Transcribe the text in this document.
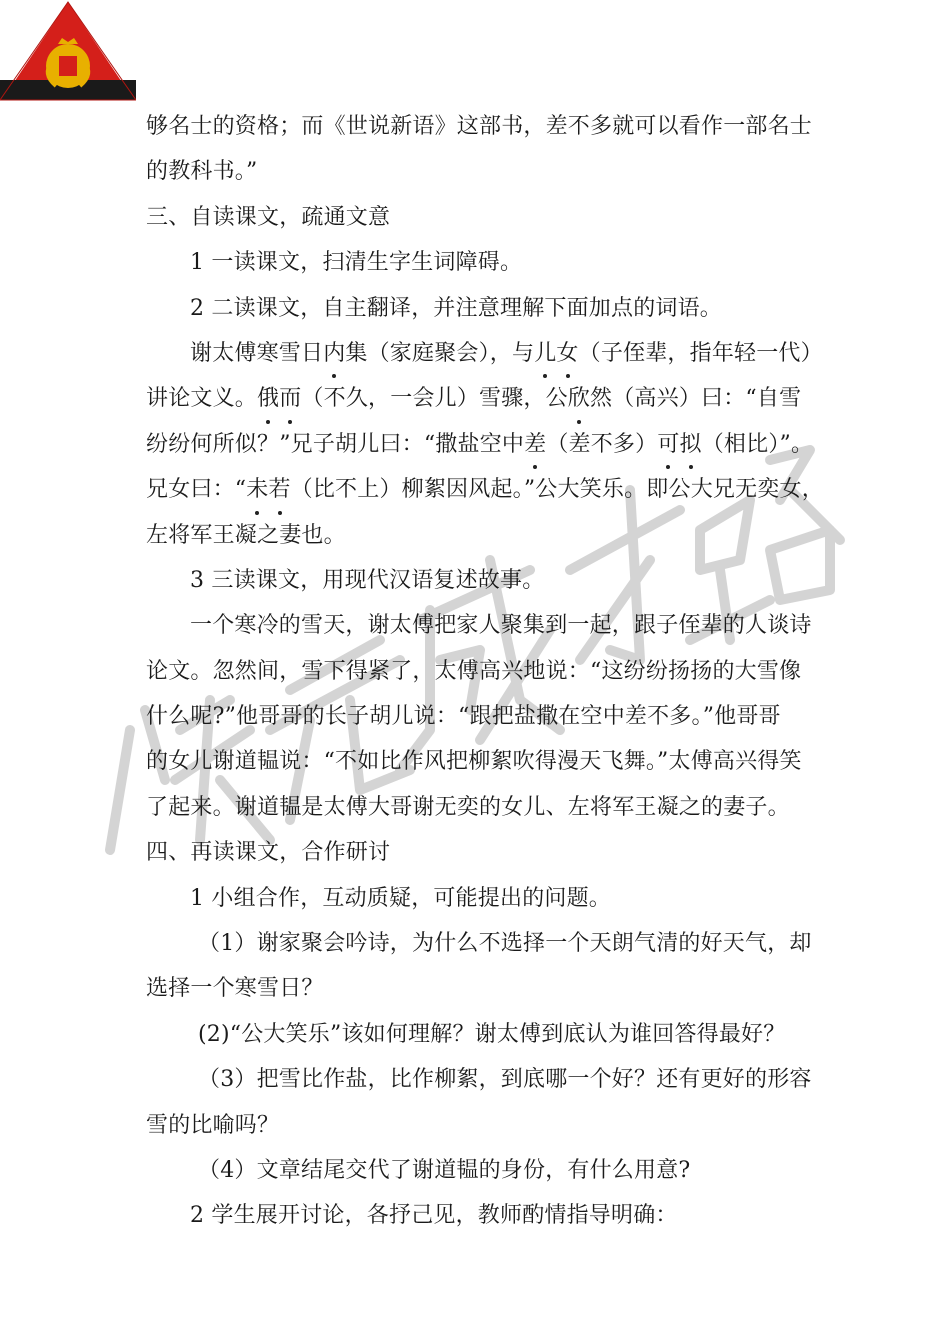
够名士的资格；而《世说新语》这部书，差不多就可以看作一部名士
的教科书。”
三、自读课文，疏通文意
1 一读课文，扫清生字生词障碍。
2 二读课文，自主翻译，并注意理解下面加点的词语。
谢太傅寒雪日内集（家庭聚会），与儿女（子侄辈，指年轻一代）
讲论文义。俄而（不久，一会儿）雪骤，公欣然（高兴）曰：“自雪
纷纷何所似？”兄子胡儿曰：“撒盐空中差（差不多）可拟（相比）”。
兄女曰：“未若（比不上）柳絮因风起。”公大笑乐。即公大兄无奕女，
左将军王凝之妻也。
3 三读课文，用现代汉语复述故事。
一个寒冷的雪天，谢太傅把家人聚集到一起，跟子侄辈的人谈诗
论文。忽然间，雪下得紧了，太傅高兴地说：“这纷纷扬扬的大雪像
什么呢?”他哥哥的长子胡儿说：“跟把盐撒在空中差不多。”他哥哥
的女儿谢道韫说：“不如比作风把柳絮吹得漫天飞舞。”太傅高兴得笑
了起来。谢道韫是太傅大哥谢无奕的女儿、左将军王凝之的妻子。
四、再读课文，合作研讨
1 小组合作，互动质疑，可能提出的问题。
（1）谢家聚会吟诗，为什么不选择一个天朗气清的好天气，却
选择一个寒雪日？
(2)“公大笑乐”该如何理解？谢太傅到底认为谁回答得最好？
（3）把雪比作盐，比作柳絮，到底哪一个好？还有更好的形容
雪的比喻吗？
（4）文章结尾交代了谢道韫的身份，有什么用意?
2 学生展开讨论，各抒己见，教师酌情指导明确：
